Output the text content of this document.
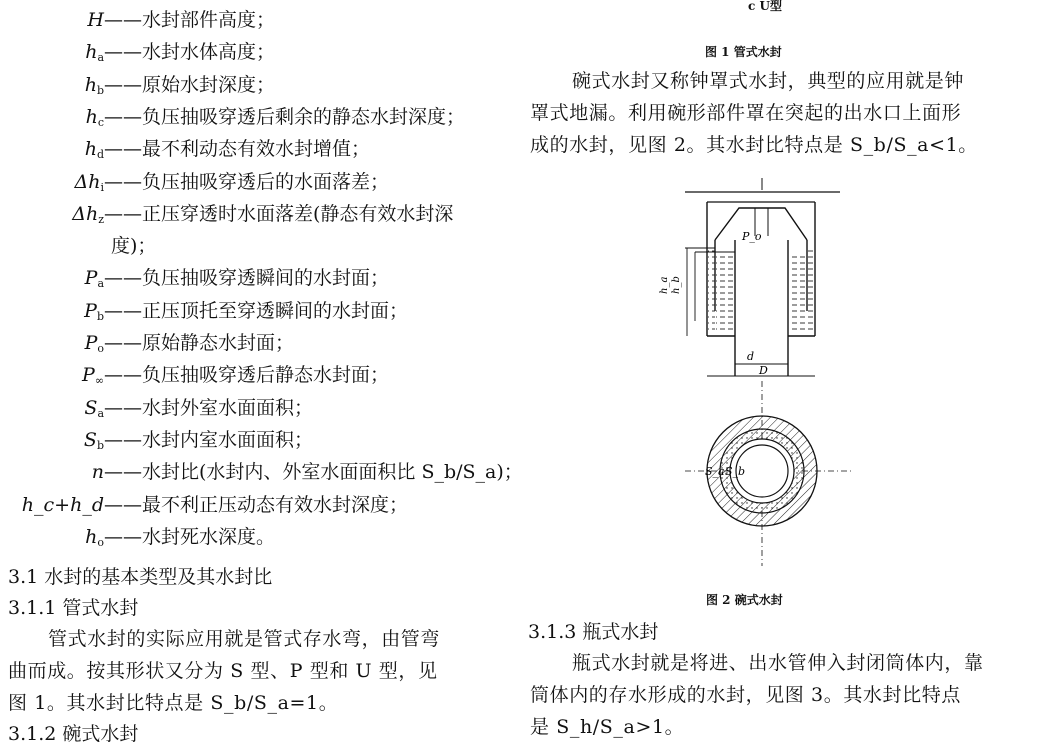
H ——水封部件高度；
$h_a$ ——水封水体高度；
$h_b$ ——原始水封深度；
$h_c$ ——负压抽吸穿透后剩余的静态水封深度；
$h_d$ ——最不利动态有效水封增值；
$\Delta h_i$ ——负压抽吸穿透后的水面落差；
$\Delta h_z$ ——正压穿透时水面落差(静态有效水封深
度)；
$P_a$ ——负压抽吸穿透瞬间的水封面；
$P_b$ ——正压顶托至穿透瞬间的水封面；
$P_o$ ——原始静态水封面；
$P_\infty$ ——负压抽吸穿透后静态水封面；
$S_a$ ——水封外室水面面积；
$S_b$ ——水封内室水面面积；
n ——水封比(水封内、外室水面面积比 S_b/S_a)；
h_c+h_d ——最不利正压动态有效水封深度；
$h_o$ ——水封死水深度。
3.1 水封的基本类型及其水封比
3.1.1 管式水封
管式水封的实际应用就是管式存水弯，由管弯
曲而成。按其形状又分为 S 型、P 型和 U 型，见
图 1。其水封比特点是 S_b/S_a=1。
3.1.2 碗式水封
c U型
图 1 管式水封
碗式水封又称钟罩式水封，典型的应用就是钟
罩式地漏。利用碗形部件罩在突起的出水口上面形
成的水封，见图 2。其水封比特点是 S_b/S_a<1。
h_a h_b
P_o
d
D
S_a S_b
图 2 碗式水封
3.1.3 瓶式水封
瓶式水封就是将进、出水管伸入封闭筒体内，靠
筒体内的存水形成的水封，见图 3。其水封比特点
是 S_h/S_a>1。
